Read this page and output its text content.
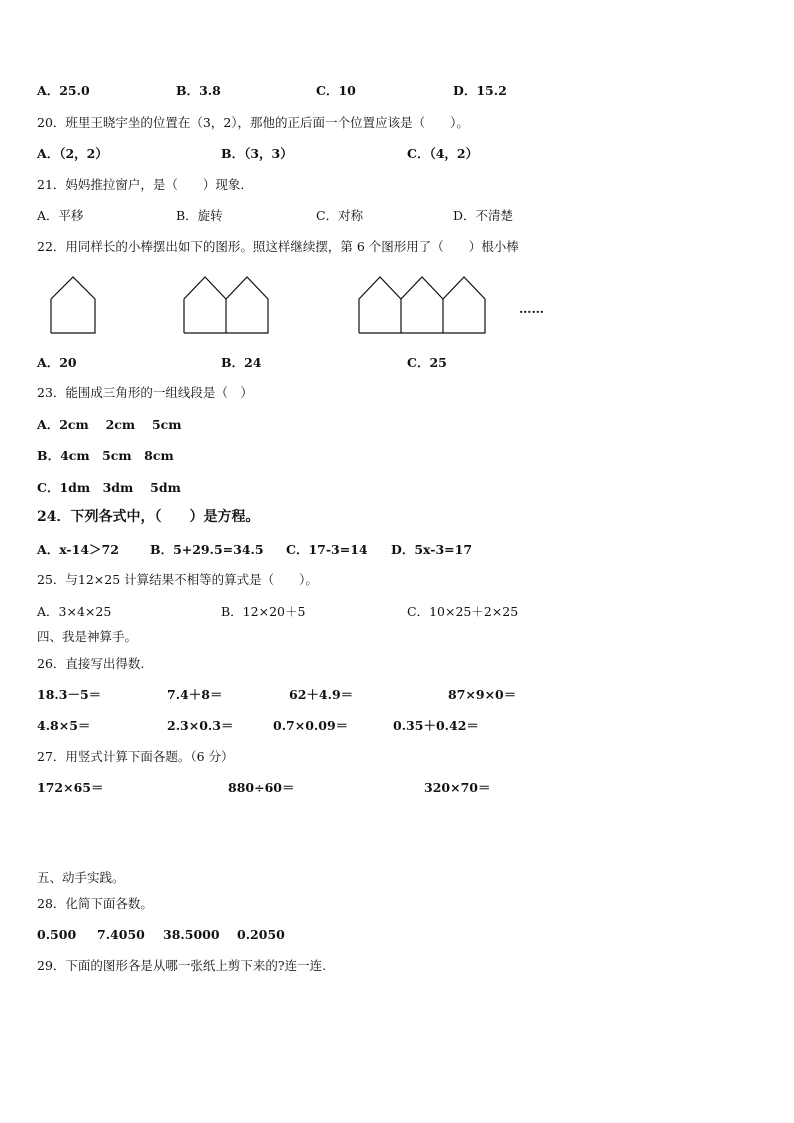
A．25.0	B．3.8	C．10	D．15.2
20．班里王晓宇坐的位置在（3，2），那他的正后面一个位置应该是（　　）。
A．（2，2）	B．（3，3）	C．（4，2）
21．妈妈推拉窗户，是（　　）现象．
A．平移	B．旋转	C．对称	D．不清楚
22．用同样长的小棒摆出如下的图形。照这样继续摆，第 6 个图形用了（　　）根小棒
……
A．20	B．24	C．25
23．能围成三角形的一组线段是（　）
A．2cm　 2cm　 5cm
B．4cm　5cm　8cm
C．1dm　3dm　 5dm
24．下列各式中，（　　）是方程。
A．x-14＞72 B．5+29.5=34.5 C．17-3=14 D．5x-3=17
25．与12×25 计算结果不相等的算式是（　　）。
A．3×4×25	B．12×20＋5	C．10×25＋2×25
四、我是神算手。
26．直接写出得数.
18.3－5＝	7.4＋8＝	62＋4.9＝	87×9×0＝
4.8×5＝	2.3×0.3＝	0.7×0.09＝	0.35＋0.42＝
27．用竖式计算下面各题。（6 分）
172×65＝	880÷60＝	320×70＝
五、动手实践。
28．化简下面各数。
0.500 7.4050 38.5000 0.2050
29．下面的图形各是从哪一张纸上剪下来的?连一连.
